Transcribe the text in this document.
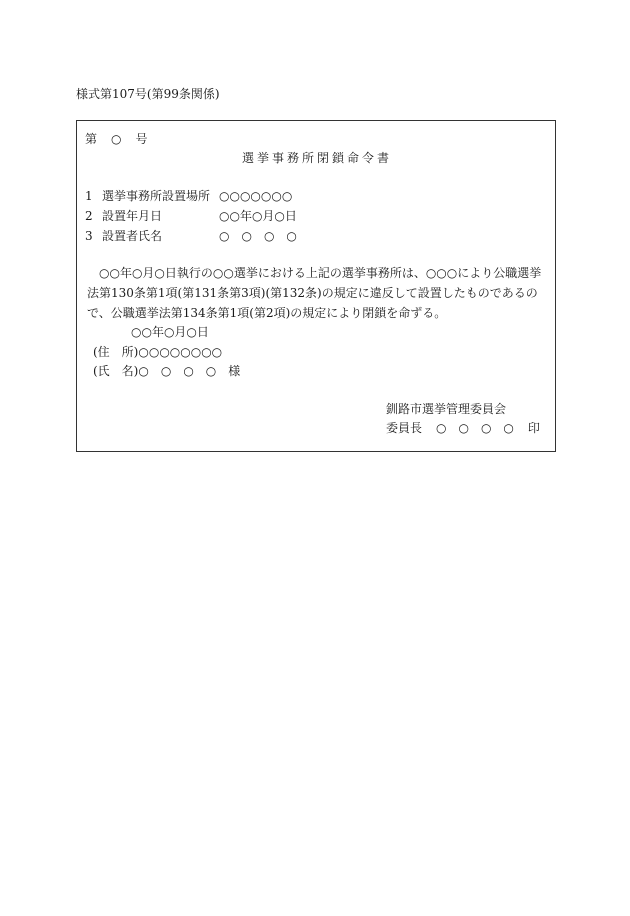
様式第107号(第99条関係)
第 ○ 号
選挙事務所閉鎖命令書
1 選挙事務所設置場所 ○○○○○○○
2 設置年月日	○○年○月○日
3 設置者氏名	○　○　○　○
○○年○月○日執行の○○選挙における上記の選挙事務所は、○○○により公職選挙法第130条第1項(第131条第3項)(第132条)の規定に違反して設置したものであるので、公職選挙法第134条第1項(第2項)の規定により閉鎖を命ずる。
○○年○月○日
(住　所)○○○○○○○○
(氏　名)○　○　○　○　様
釧路市選挙管理委員会
委員長 ○　○　○　○ 印
